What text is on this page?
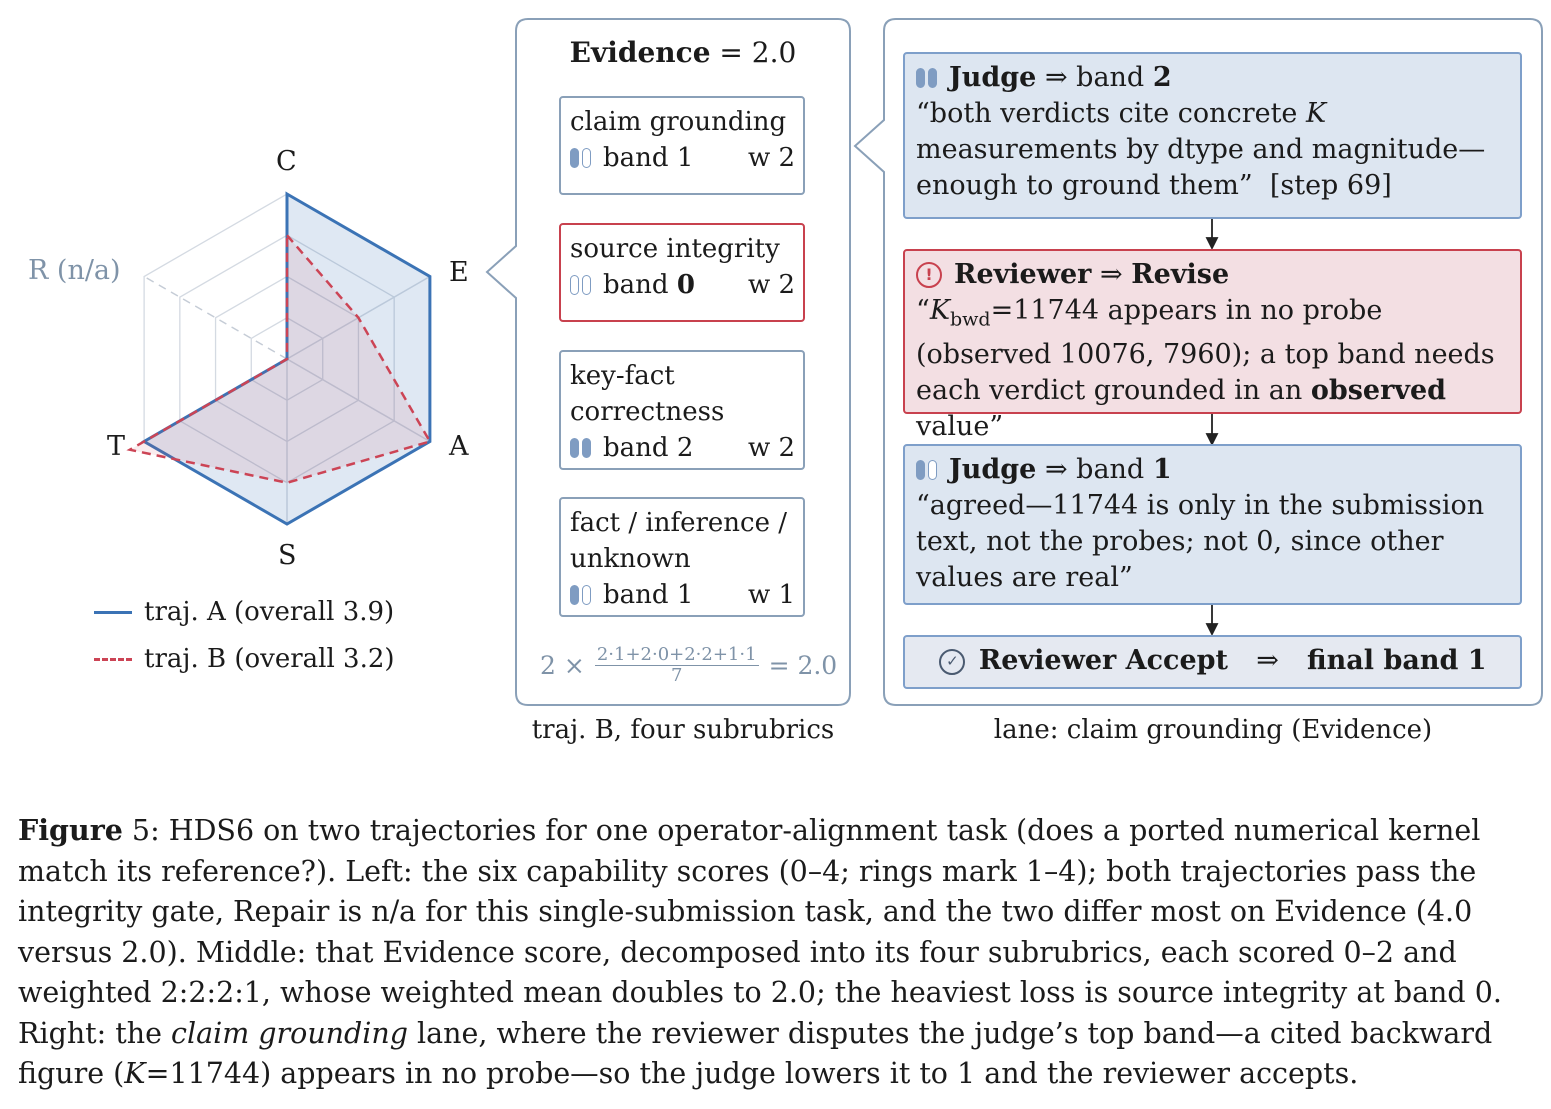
C
E
A
S
T
R (n/a)
traj. A (overall 3.9)
traj. B (overall 3.2)
Evidence = 2.0
claim grounding
band
1 w 2
source integrity
band
0 w 2
key-fact correctness
band
2 w 2
fact / inference / unknown
band
1 w 1
$2 \times \frac{2\cdot 1+2\cdot 0+2\cdot 2+1\cdot 1}{7} = 2.0$
traj. B, four subrubrics
Judge
⇒
band
2
“both verdicts cite concrete K measurements by dtype and magnitude—enough to ground them” [step 69]
! Reviewer
⇒
Revise
“$K_{bwd}=11744$ appears in no probe (observed 10076, 7960); a top band needs each verdict grounded in an observed value”
Judge
⇒
band
1
“agreed—11744 is only in the submission text, not the probes; not 0, since other values are real”
✓ Reviewer Accept ⇒ final band 1
lane: claim grounding (Evidence)
Figure 5: HDS6 on two trajectories for one operator-alignment task (does a ported numerical kernel match its reference?). Left: the six capability scores (0–4; rings mark 1–4); both trajectories pass the integrity gate, Repair is n/a for this single-submission task, and the two differ most on Evidence (4.0 versus 2.0). Middle: that Evidence score, decomposed into its four subrubrics, each scored 0–2 and weighted 2:2:2:1, whose weighted mean doubles to 2.0; the heaviest loss is source integrity at band 0. Right: the claim grounding lane, where the reviewer disputes the judge’s top band—a cited backward figure (K=11744) appears in no probe—so the judge lowers it to 1 and the reviewer accepts.
